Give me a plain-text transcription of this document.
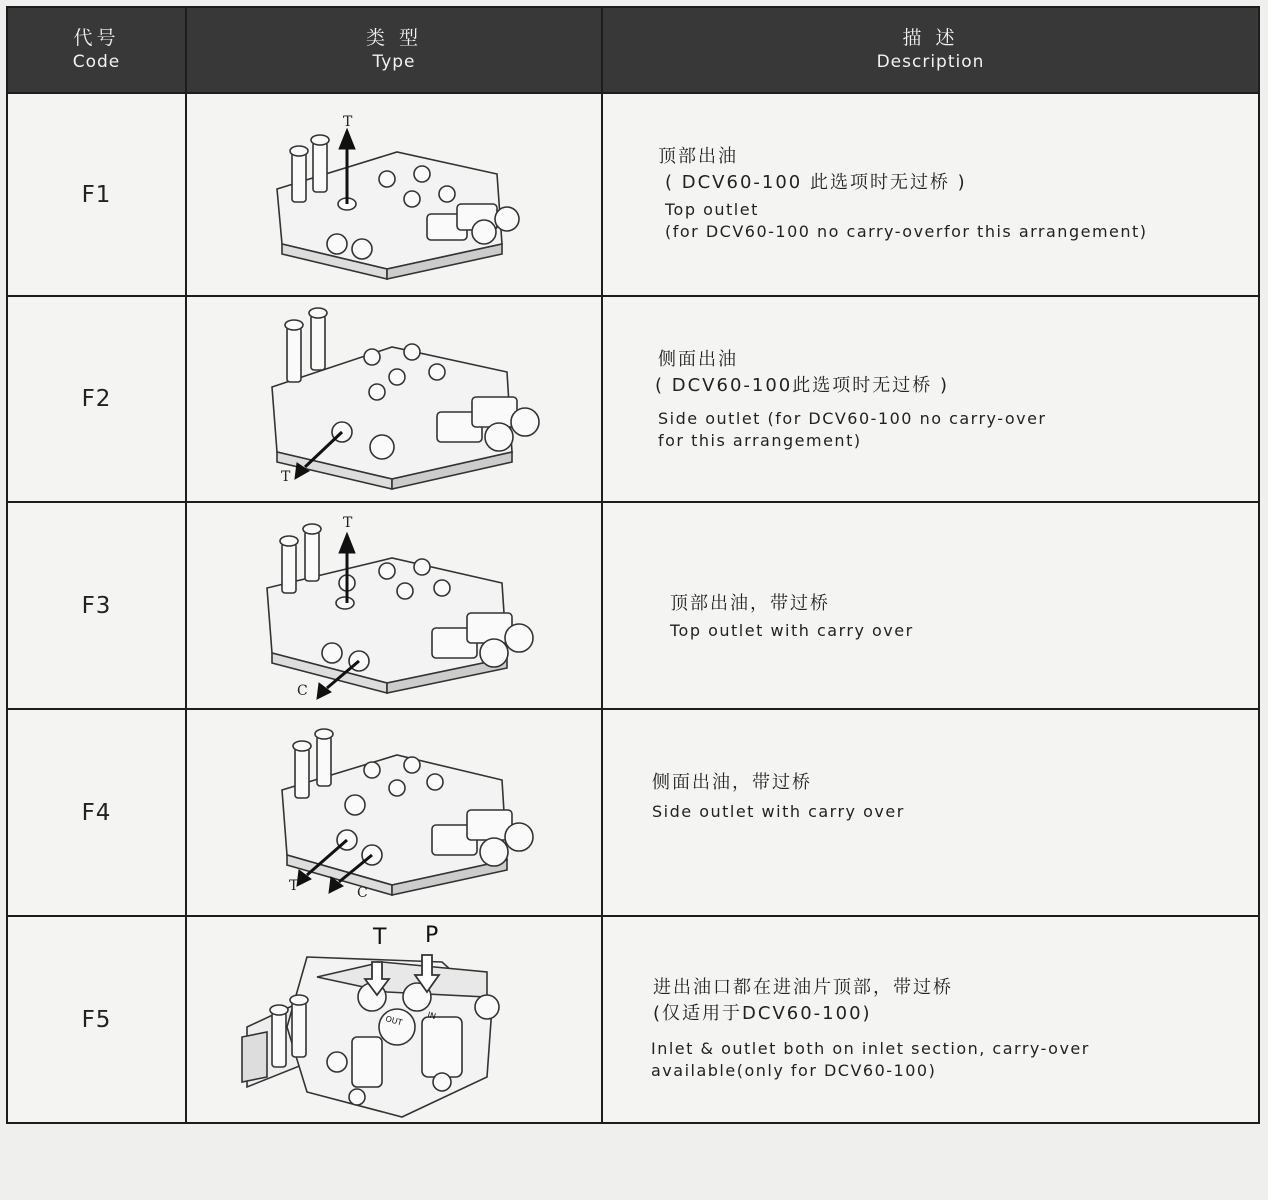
代号
Code
类 型
Type
描 述
Description
F1
T
顶部出油
( DCV60-100 此选项时无过桥 )
Top outlet
(for DCV60-100 no carry-overfor this arrangement)
F2
T
侧面出油
( DCV60-100此选项时无过桥 )
Side outlet (for DCV60-100 no carry-over
for this arrangement)
F3
T
C
顶部出油，带过桥
Top outlet with carry over
F4
T	C
侧面出油，带过桥
Side outlet with carry over
F5
T P
OUT	IN
进出油口都在进油片顶部，带过桥
(仅适用于DCV60-100)
Inlet & outlet both on inlet section, carry-over
available(only for DCV60-100)
